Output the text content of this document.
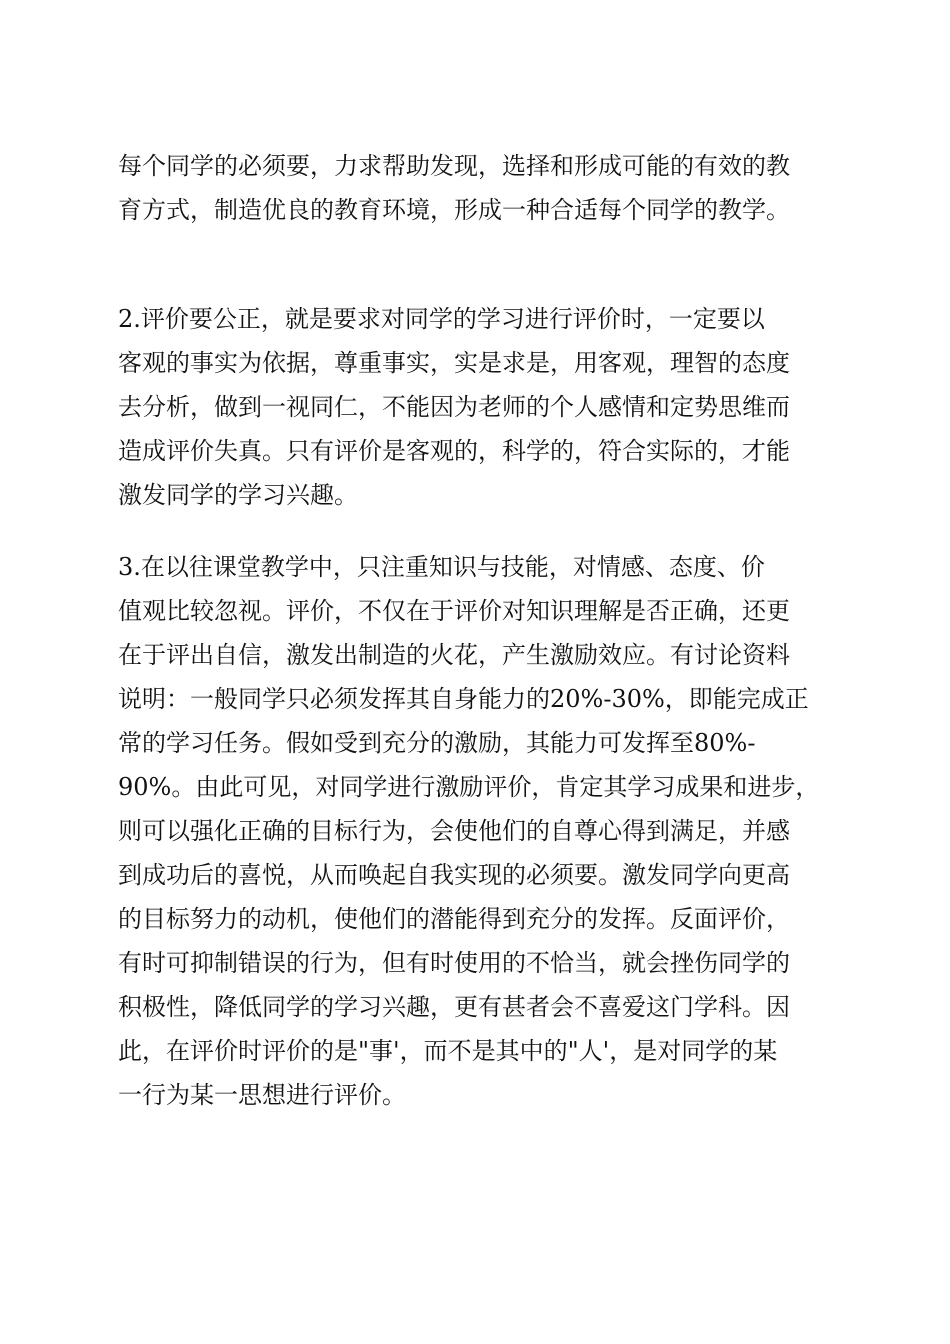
每个同学的必须要，力求帮助发现，选择和形成可能的有效的教
育方式，制造优良的教育环境，形成一种合适每个同学的教学。
2.评价要公正，就是要求对同学的学习进行评价时，一定要以
客观的事实为依据，尊重事实，实是求是，用客观，理智的态度
去分析，做到一视同仁，不能因为老师的个人感情和定势思维而
造成评价失真。只有评价是客观的，科学的，符合实际的，才能
激发同学的学习兴趣。
3.在以往课堂教学中，只注重知识与技能，对情感、态度、价
值观比较忽视。评价，不仅在于评价对知识理解是否正确，还更
在于评出自信，激发出制造的火花，产生激励效应。有讨论资料
说明：一般同学只必须发挥其自身能力的20%-30%，即能完成正
常的学习任务。假如受到充分的激励，其能力可发挥至80%-
90%。由此可见，对同学进行激励评价，肯定其学习成果和进步，
则可以强化正确的目标行为，会使他们的自尊心得到满足，并感
到成功后的喜悦，从而唤起自我实现的必须要。激发同学向更高
的目标努力的动机，使他们的潜能得到充分的发挥。反面评价，
有时可抑制错误的行为，但有时使用的不恰当，就会挫伤同学的
积极性，降低同学的学习兴趣，更有甚者会不喜爱这门学科。因
此，在评价时评价的是"事'，而不是其中的"人'，是对同学的某
一行为某一思想进行评价。
